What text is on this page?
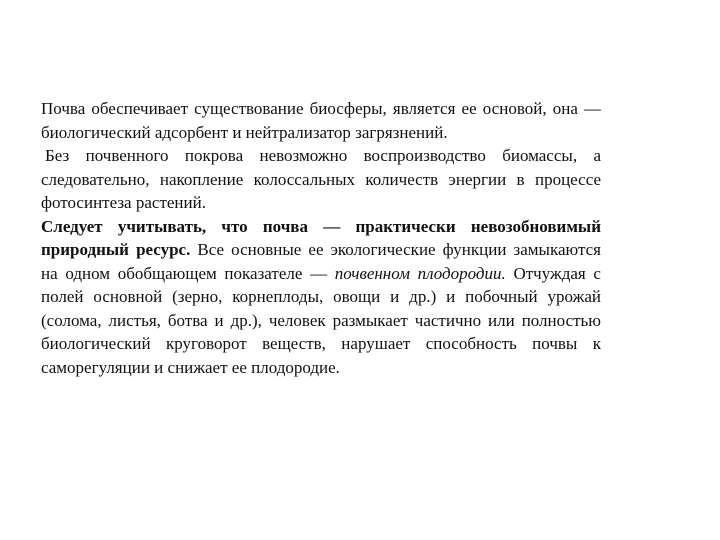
Почва обеспечивает существование биосферы, является ее основой, она — биологический адсорбент и нейтрализатор загрязнений.

Без почвенного покрова невозможно воспроизводство биомассы, а следовательно, накопление колоссальных количеств энергии в процессе фотосинтеза растений.

Следует учитывать, что почва — практически невозобновимый природный ресурс. Все основные ее экологические функции замыкаются на одном обобщающем показателе — почвенном плодородии. Отчуждая с полей основной (зерно, корнеплоды, овощи и др.) и побочный урожай (солома, листья, ботва и др.), человек размыкает частично или полностью биологический круговорот веществ, нарушает способность почвы к саморегуляции и снижает ее плодородие.
